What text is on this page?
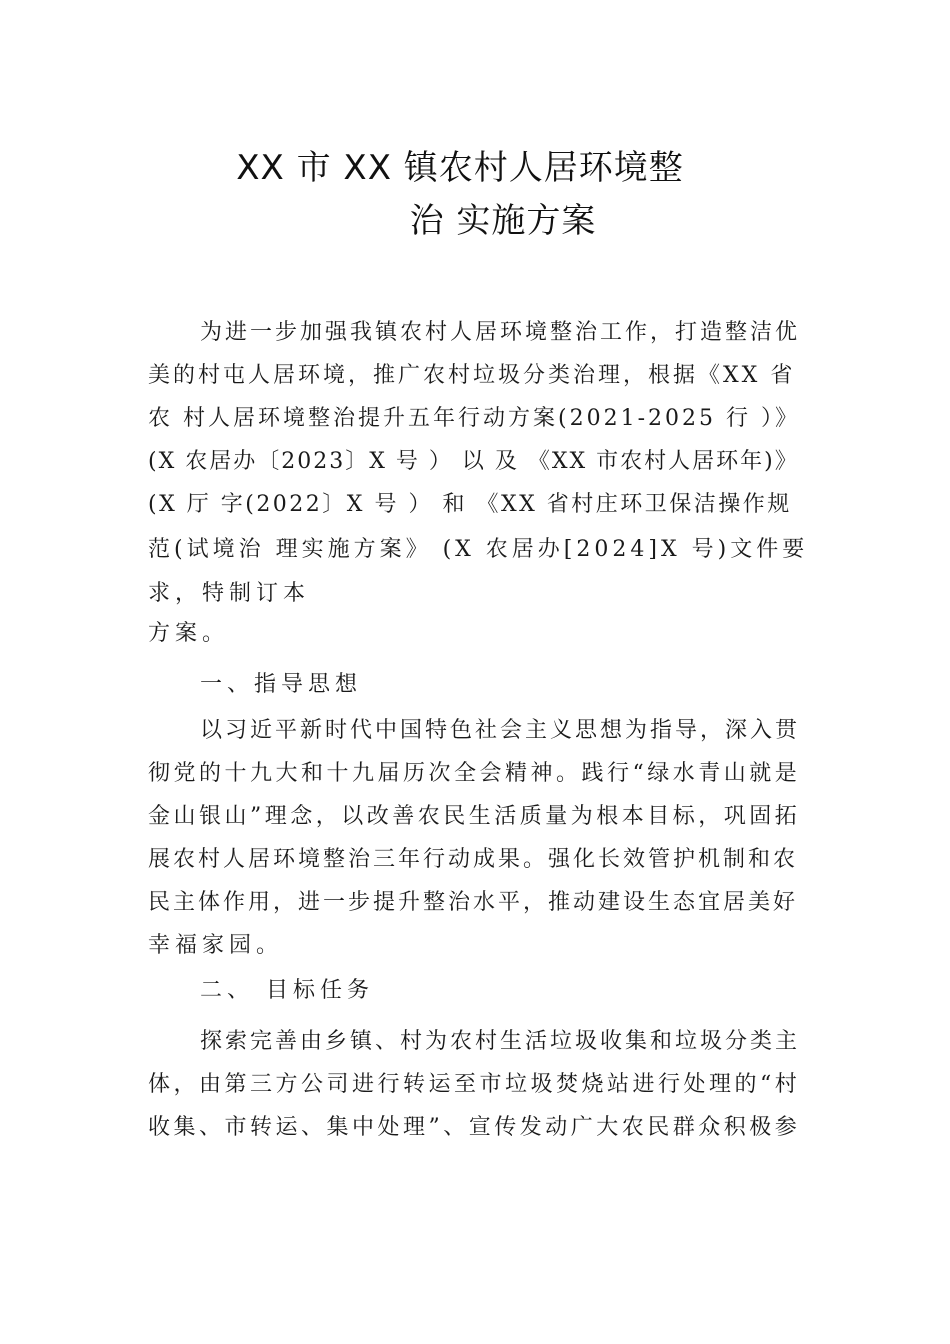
XX 市 XX 镇农村人居环境整
治 实施方案
为进一步加强我镇农村人居环境整治工作，打造整洁优
美的村屯人居环境，推广农村垃圾分类治理，根据《XX 省
农 村人居环境整治提升五年行动方案(2021-2025 行 ）》
(X 农居办〔2023〕X 号 ） 以 及 《XX 市农村人居环年)》
(X 厅 字(2022〕X 号 ） 和 《XX 省村庄环卫保洁操作规
范(试境治 理实施方案》 (X 农居办[2024]X 号)文件要
求，特制订本
方案。
一、指导思想
以习近平新时代中国特色社会主义思想为指导，深入贯
彻党的十九大和十九届历次全会精神。践行“绿水青山就是
金山银山”理念，以改善农民生活质量为根本目标，巩固拓
展农村人居环境整治三年行动成果。强化长效管护机制和农
民主体作用，进一步提升整治水平，推动建设生态宜居美好
幸福家园。
二、 目标任务
探索完善由乡镇、村为农村生活垃圾收集和垃圾分类主
体，由第三方公司进行转运至市垃圾焚烧站进行处理的“村
收集、市转运、集中处理”、宣传发动广大农民群众积极参
